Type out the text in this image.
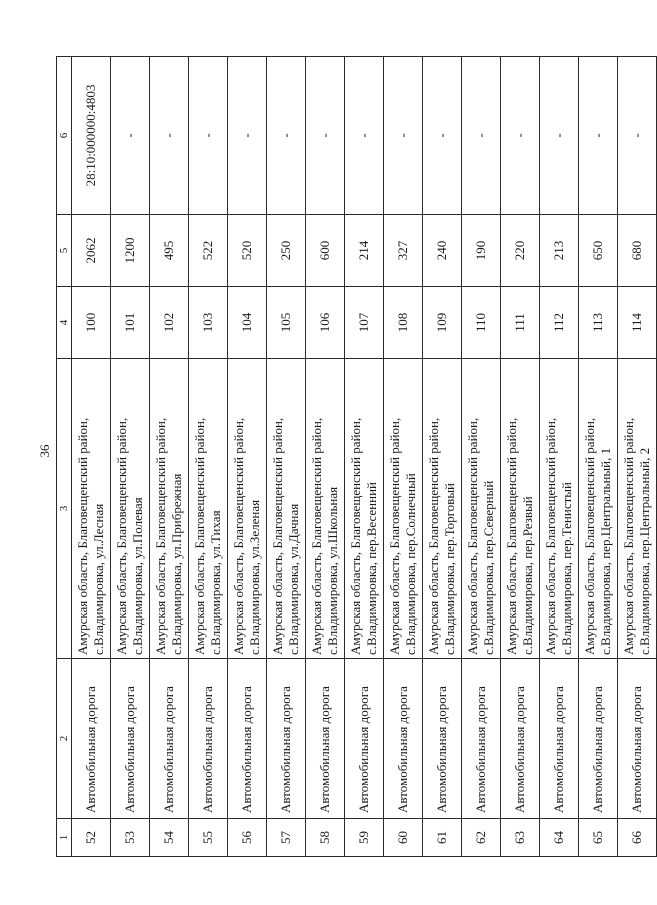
36
1	2	3	4	5	6
52	Автомобильная дорога	Амурская область, Благовещенский район, с.Владимировка, ул.Лесная	100	2062	28:10:000000:4803
53	Автомобильная дорога	Амурская область, Благовещенский район, с.Владимировка, ул.Полевая	101	1200	-
54	Автомобильная дорога	Амурская область, Благовещенский район, с.Владимировка, ул.Прибрежная	102	495	-
55	Автомобильная дорога	Амурская область, Благовещенский район, с.Владимировка, ул.Тихая	103	522	-
56	Автомобильная дорога	Амурская область, Благовещенский район, с.Владимировка, ул.Зеленая	104	520	-
57	Автомобильная дорога	Амурская область, Благовещенский район, с.Владимировка, ул.Дачная	105	250	-
58	Автомобильная дорога	Амурская область, Благовещенский район, с.Владимировка, ул.Школьная	106	600	-
59	Автомобильная дорога	Амурская область, Благовещенский район, с.Владимировка, пер.Весенний	107	214	-
60	Автомобильная дорога	Амурская область, Благовещенский район, с.Владимировка, пер.Солнечный	108	327	-
61	Автомобильная дорога	Амурская область, Благовещенский район, с.Владимировка, пер.Торговый	109	240	-
62	Автомобильная дорога	Амурская область, Благовещенский район, с.Владимировка, пер.Северный	110	190	-
63	Автомобильная дорога	Амурская область, Благовещенский район, с.Владимировка, пер.Резвый	111	220	-
64	Автомобильная дорога	Амурская область, Благовещенский район, с.Владимировка, пер.Тенистый	112	213	-
65	Автомобильная дорога	Амурская область, Благовещенский район, с.Владимировка, пер.Центральный, 1	113	650	-
66	Автомобильная дорога	Амурская область, Благовещенский район, с.Владимировка, пер.Центральный, 2	114	680	-
